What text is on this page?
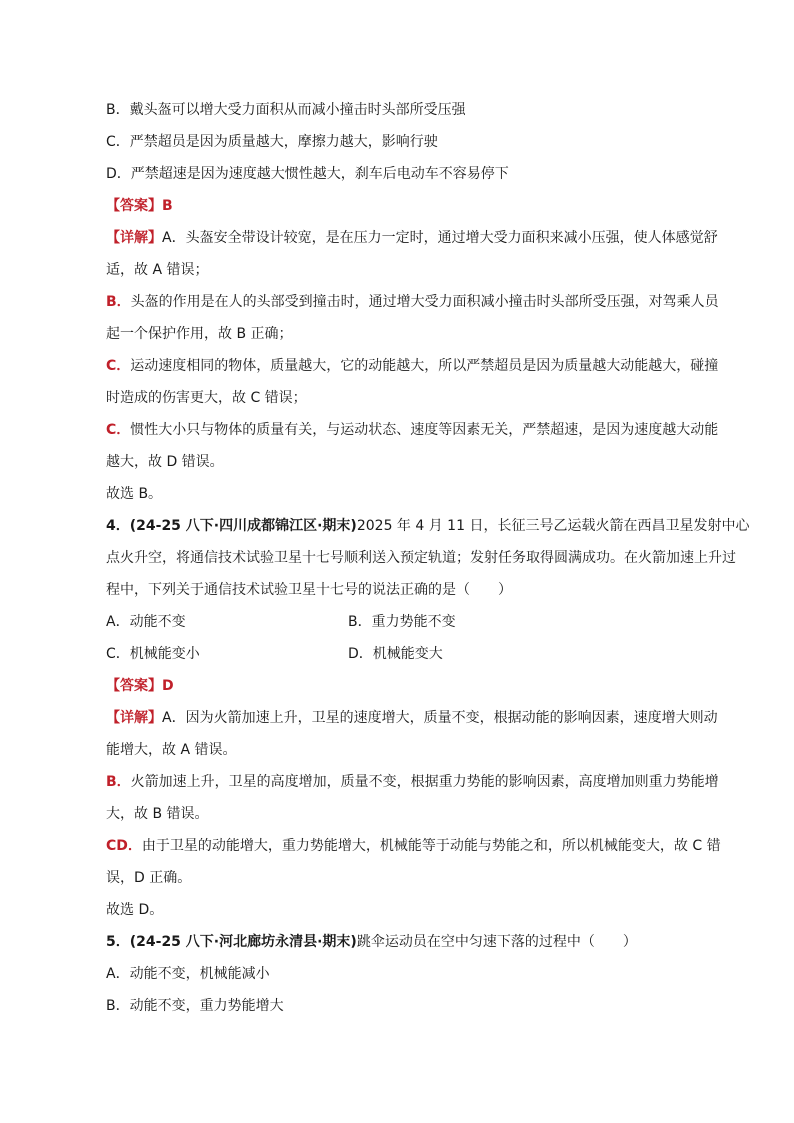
B．戴头盔可以增大受力面积从而减小撞击时头部所受压强
C．严禁超员是因为质量越大，摩擦力越大，影响行驶
D．严禁超速是因为速度越大惯性越大，刹车后电动车不容易停下
【答案】B
【详解】A．头盔安全带设计较宽，是在压力一定时，通过增大受力面积来减小压强，使人体感觉舒
适，故 A 错误；
B．头盔的作用是在人的头部受到撞击时，通过增大受力面积减小撞击时头部所受压强，对驾乘人员
起一个保护作用，故 B 正确；
C．运动速度相同的物体，质量越大，它的动能越大，所以严禁超员是因为质量越大动能越大，碰撞
时造成的伤害更大，故 C 错误；
C．惯性大小只与物体的质量有关，与运动状态、速度等因素无关，严禁超速，是因为速度越大动能
越大，故 D 错误。
故选 B。
4．(24-25 八下·四川成都锦江区·期末)2025 年 4 月 11 日，长征三号乙运载火箭在西昌卫星发射中心
点火升空，将通信技术试验卫星十七号顺利送入预定轨道；发射任务取得圆满成功。在火箭加速上升过
程中，下列关于通信技术试验卫星十七号的说法正确的是（　　）
A．动能不变	B．重力势能不变
C．机械能变小	D．机械能变大
【答案】D
【详解】A．因为火箭加速上升，卫星的速度增大，质量不变，根据动能的影响因素，速度增大则动
能增大，故 A 错误。
B．火箭加速上升，卫星的高度增加，质量不变，根据重力势能的影响因素，高度增加则重力势能增
大，故 B 错误。
CD．由于卫星的动能增大，重力势能增大，机械能等于动能与势能之和，所以机械能变大，故 C 错
误，D 正确。
故选 D。
5．(24-25 八下·河北廊坊永清县·期末)跳伞运动员在空中匀速下落的过程中（　　）
A．动能不变，机械能减小
B．动能不变，重力势能增大
